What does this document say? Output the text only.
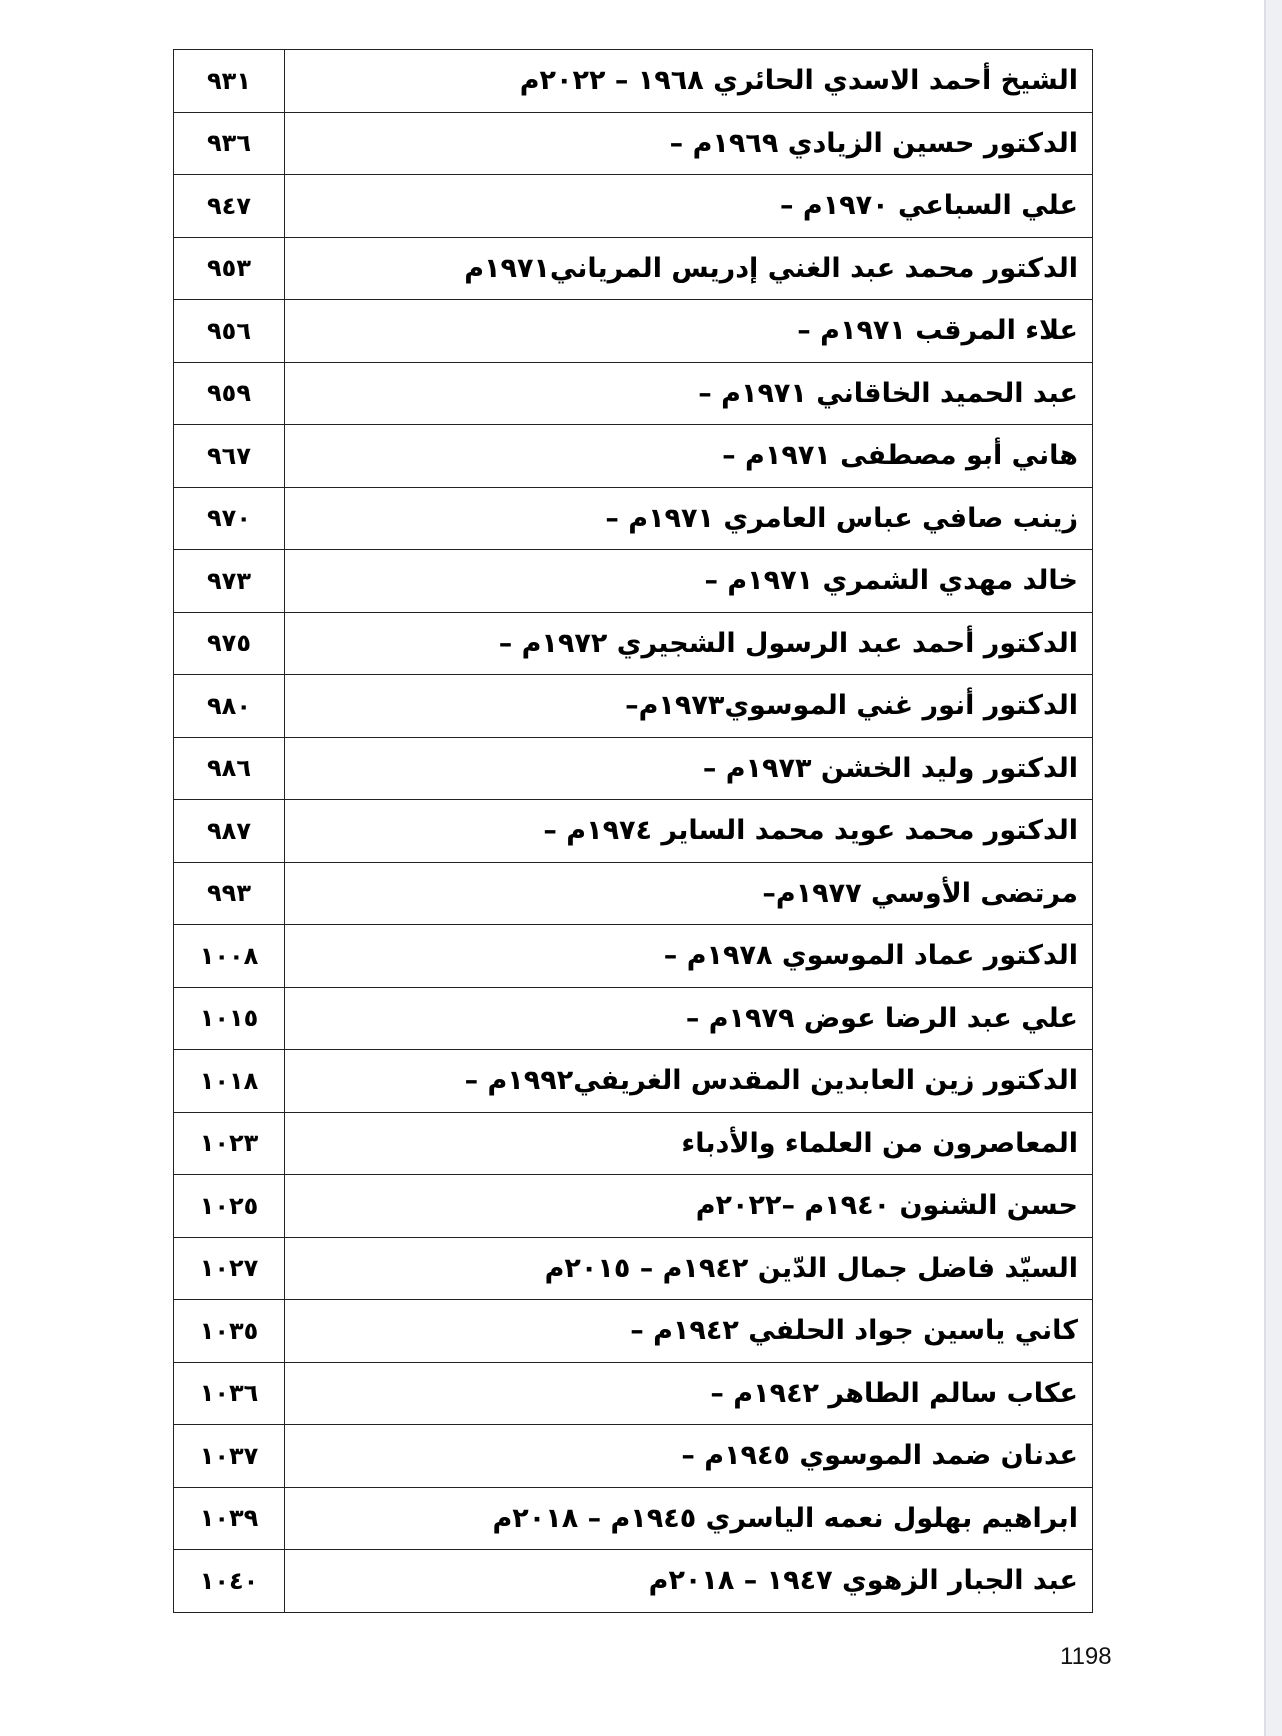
الشيخ أحمد الاسدي الحائري ١٩٦٨ – ٢٠٢٢م	٩٣١
الدكتور حسين الزيادي ١٩٦٩م –	٩٣٦
علي السباعي ١٩٧٠م –	٩٤٧
الدكتور محمد عبد الغني إدريس المرياني١٩٧١م	٩٥٣
علاء المرقب ١٩٧١م –	٩٥٦
عبد الحميد الخاقاني ١٩٧١م –	٩٥٩
هاني أبو مصطفى ١٩٧١م –	٩٦٧
زينب صافي عباس العامري ١٩٧١م –	٩٧٠
خالد مهدي الشمري ١٩٧١م –	٩٧٣
الدكتور أحمد عبد الرسول الشجيري ١٩٧٢م –	٩٧٥
الدكتور أنور غني الموسوي١٩٧٣م–	٩٨٠
الدكتور وليد الخشن ١٩٧٣م –	٩٨٦
الدكتور محمد عويد محمد الساير ١٩٧٤م –	٩٨٧
مرتضى الأوسي ١٩٧٧م–	٩٩٣
الدكتور عماد الموسوي ١٩٧٨م –	١٠٠٨
علي عبد الرضا عوض ١٩٧٩م –	١٠١٥
الدكتور زين العابدين المقدس الغريفي١٩٩٢م –	١٠١٨
المعاصرون من العلماء والأدباء	١٠٢٣
حسن الشنون ١٩٤٠م –٢٠٢٢م	١٠٢٥
السيّد فاضل جمال الدّين ١٩٤٢م – ٢٠١٥م	١٠٢٧
كاني ياسين جواد الحلفي ١٩٤٢م –	١٠٣٥
عكاب سالم الطاهر ١٩٤٢م –	١٠٣٦
عدنان ضمد الموسوي ١٩٤٥م –	١٠٣٧
ابراهيم بهلول نعمه الياسري ١٩٤٥م – ٢٠١٨م	١٠٣٩
عبد الجبار الزهوي ١٩٤٧ – ٢٠١٨م	١٠٤٠
1198
